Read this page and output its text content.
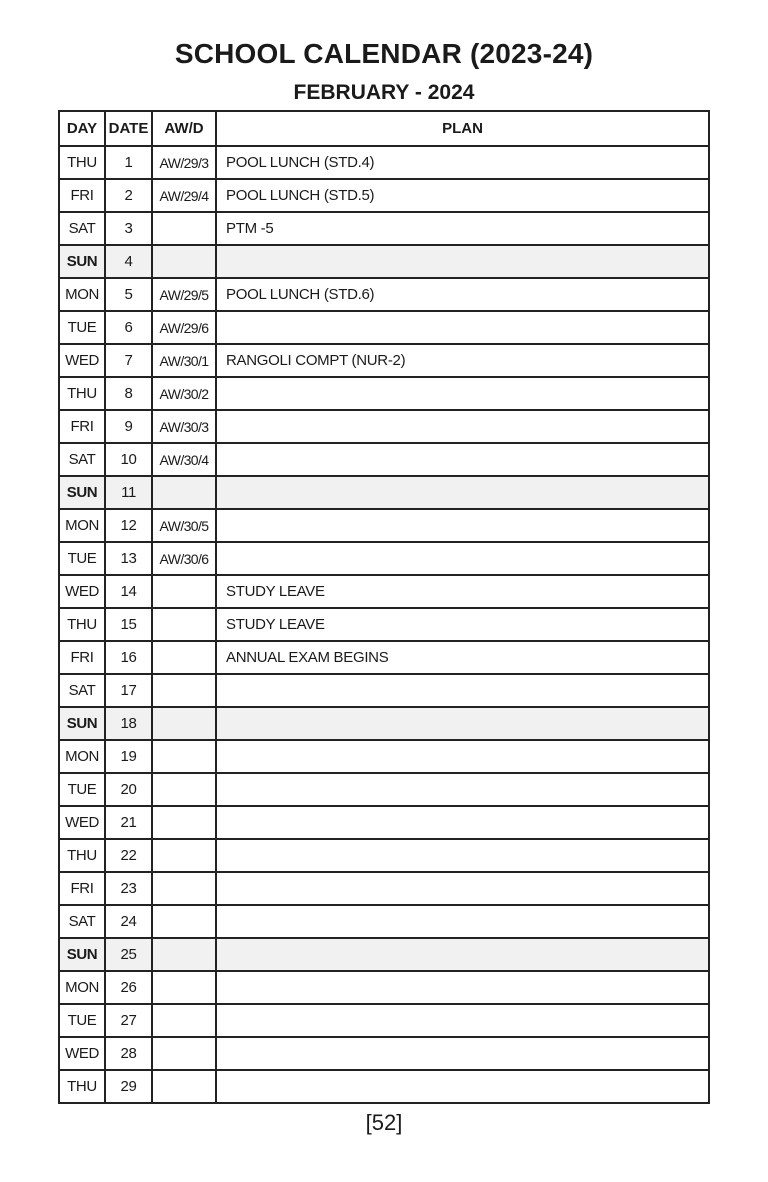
SCHOOL CALENDAR (2023-24)
FEBRUARY - 2024
DAY	DATE	AW/D	PLAN
THU	1	AW/29/3	POOL LUNCH (STD.4)
FRI	2	AW/29/4	POOL LUNCH (STD.5)
SAT	3		PTM -5
SUN	4		
MON	5	AW/29/5	POOL LUNCH (STD.6)
TUE	6	AW/29/6	
WED	7	AW/30/1	RANGOLI COMPT (NUR-2)
THU	8	AW/30/2	
FRI	9	AW/30/3	
SAT	10	AW/30/4	
SUN	11		
MON	12	AW/30/5	
TUE	13	AW/30/6	
WED	14		STUDY LEAVE
THU	15		STUDY LEAVE
FRI	16		ANNUAL EXAM BEGINS
SAT	17		
SUN	18		
MON	19		
TUE	20		
WED	21		
THU	22		
FRI	23		
SAT	24		
SUN	25		
MON	26		
TUE	27		
WED	28		
THU	29		
[52]
